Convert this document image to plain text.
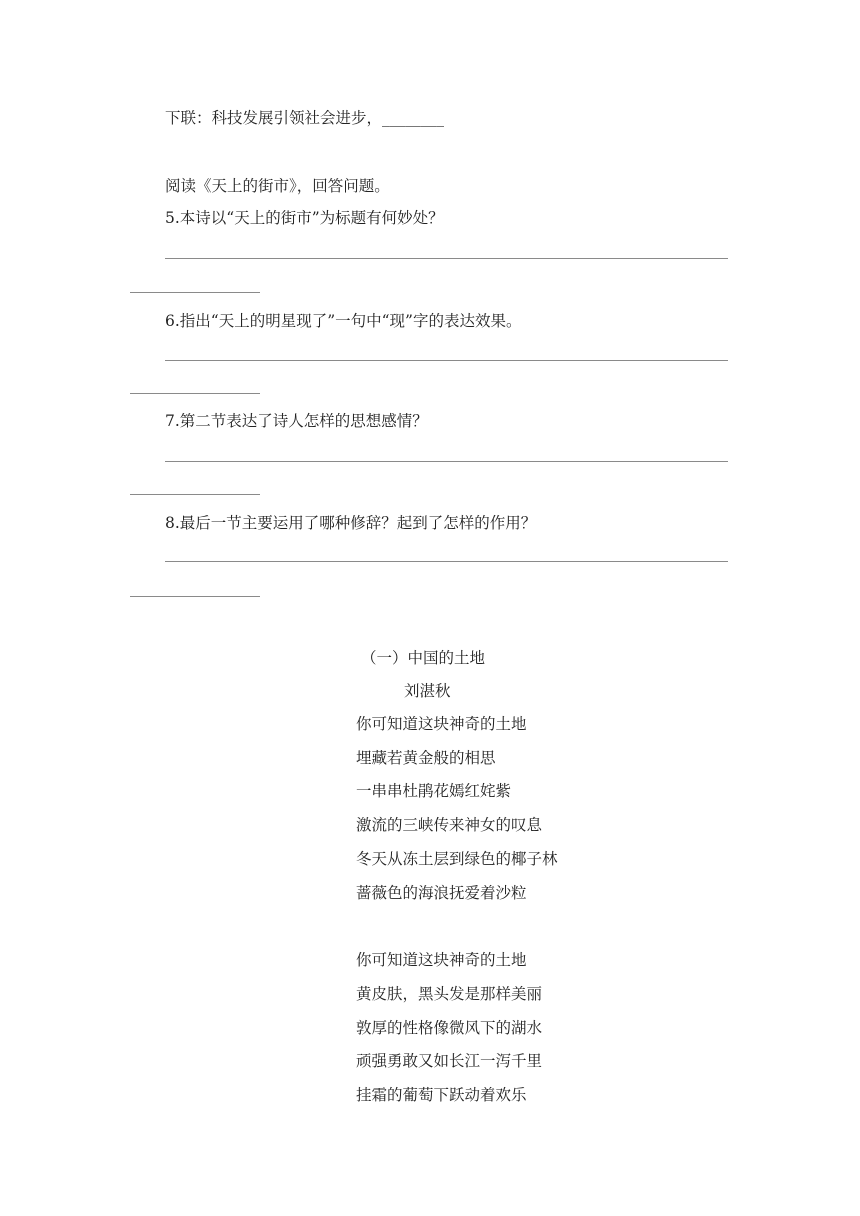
下联：科技发展引领社会进步，________
阅读《天上的街市》，回答问题。
5.本诗以“天上的街市”为标题有何妙处？
6.指出“天上的明星现了”一句中“现”字的表达效果。
7.第二节表达了诗人怎样的思想感情？
8.最后一节主要运用了哪种修辞？起到了怎样的作用？
（一）中国的土地
刘湛秋
你可知道这块神奇的土地
埋藏若黄金般的相思
一串串杜鹃花嫣红姹紫
激流的三峡传来神女的叹息
冬天从冻土层到绿色的椰子林
蔷薇色的海浪抚爱着沙粒
你可知道这块神奇的土地
黄皮肤，黑头发是那样美丽
敦厚的性格像微风下的湖水
顽强勇敢又如长江一泻千里
挂霜的葡萄下跃动着欢乐
